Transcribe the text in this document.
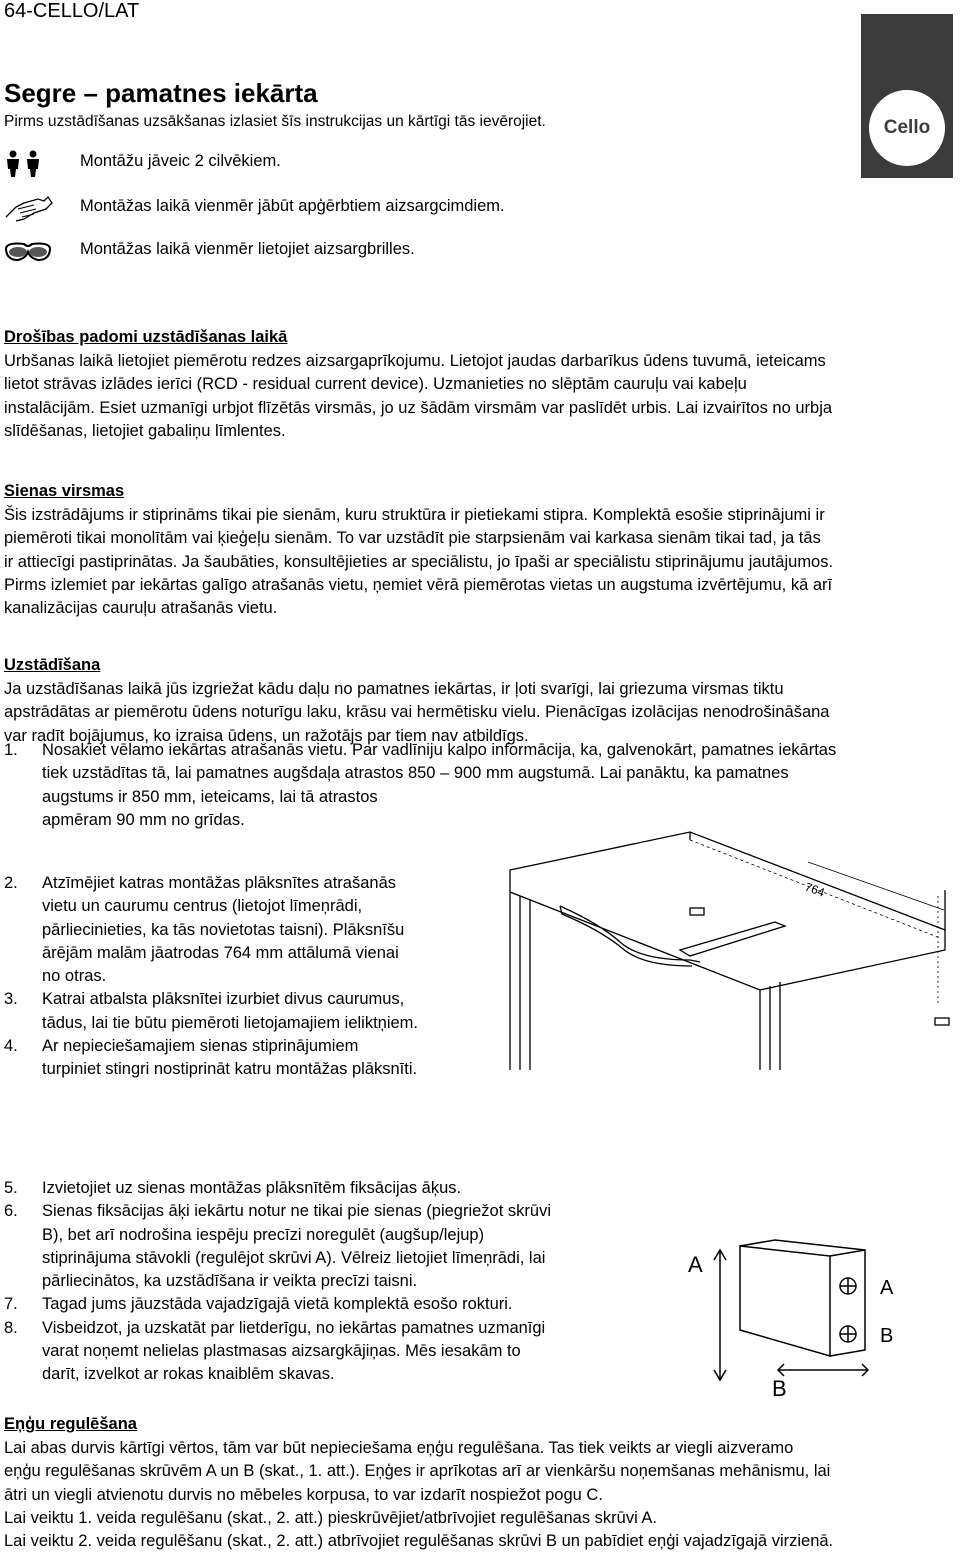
64-CELLO/LAT
Cello
Segre – pamatnes iekārta
Pirms uzstādīšanas uzsākšanas izlasiet šīs instrukcijas un kārtīgi tās ievērojiet.
Montāžu jāveic 2 cilvēkiem.
Montāžas laikā vienmēr jābūt apģērbtiem aizsargcimdiem.
Montāžas laikā vienmēr lietojiet aizsargbrilles.
Drošības padomi uzstādīšanas laikā
Urbšanas laikā lietojiet piemērotu redzes aizsargaprīkojumu. Lietojot jaudas darbarīkus ūdens tuvumā, ieteicams
lietot strāvas izlādes ierīci (RCD - residual current device). Uzmanieties no slēptām cauruļu vai kabeļu
instalācijām. Esiet uzmanīgi urbjot flīzētās virsmās, jo uz šādām virsmām var paslīdēt urbis. Lai izvairītos no urbja
slīdēšanas, lietojiet gabaliņu līmlentes.
Sienas virsmas
Šis izstrādājums ir stiprināms tikai pie sienām, kuru struktūra ir pietiekami stipra. Komplektā esošie stiprinājumi ir
piemēroti tikai monolītām vai ķieģeļu sienām. To var uzstādīt pie starpsienām vai karkasa sienām tikai tad, ja tās
ir attiecīgi pastiprinātas. Ja šaubāties, konsultējieties ar speciālistu, jo īpaši ar speciālistu stiprinājumu jautājumos.
Pirms izlemiet par iekārtas galīgo atrašanās vietu, ņemiet vērā piemērotas vietas un augstuma izvērtējumu, kā arī
kanalizācijas cauruļu atrašanās vietu.
Uzstādīšana
Ja uzstādīšanas laikā jūs izgriežat kādu daļu no pamatnes iekārtas, ir ļoti svarīgi, lai griezuma virsmas tiktu
apstrādātas ar piemērotu ūdens noturīgu laku, krāsu vai hermētisku vielu. Pienācīgas izolācijas nenodrošināšana
var radīt bojājumus, ko izraisa ūdens, un ražotājs par tiem nav atbildīgs.
1. Nosakiet vēlamo iekārtas atrašanās vietu. Par vadlīniju kalpo informācija, ka, galvenokārt, pamatnes iekārtas
tiek uzstādītas tā, lai pamatnes augšdaļa atrastos 850 – 900 mm augstumā. Lai panāktu, ka pamatnes
augstums ir 850 mm, ieteicams, lai tā atrastos
apmēram 90 mm no grīdas.
2. Atzīmējiet katras montāžas plāksnītes atrašanās
vietu un caurumu centrus (lietojot līmeņrādi,
pārliecinieties, ka tās novietotas taisni). Plāksnīšu
ārējām malām jāatrodas 764 mm attālumā vienai
no otras.
3. Katrai atbalsta plāksnītei izurbiet divus caurumus,
tādus, lai tie būtu piemēroti lietojamajiem ieliktņiem.
4. Ar nepieciešamajiem sienas stiprinājumiem
turpiniet stingri nostiprināt katru montāžas plāksnīti.
764
5. Izvietojiet uz sienas montāžas plāksnītēm fiksācijas āķus.
6. Sienas fiksācijas āķi iekārtu notur ne tikai pie sienas (piegriežot skrūvi
B), bet arī nodrošina iespēju precīzi noregulēt (augšup/lejup)
stiprinājuma stāvokli (regulējot skrūvi A). Vēlreiz lietojiet līmeņrādi, lai
pārliecinātos, ka uzstādīšana ir veikta precīzi taisni.
7. Tagad jums jāuzstāda vajadzīgajā vietā komplektā esošo rokturi.
8. Visbeidzot, ja uzskatāt par lietderīgu, no iekārtas pamatnes uzmanīgi
varat noņemt nelielas plastmasas aizsargkājiņas. Mēs iesakām to
darīt, izvelkot ar rokas knaiblēm skavas.
A
A
B
B
Eņģu regulēšana
Lai abas durvis kārtīgi vērtos, tām var būt nepieciešama eņģu regulēšana. Tas tiek veikts ar viegli aizveramo
eņģu regulēšanas skrūvēm A un B (skat., 1. att.). Eņģes ir aprīkotas arī ar vienkāršu noņemšanas mehānismu, lai
ātri un viegli atvienotu durvis no mēbeles korpusa, to var izdarīt nospiežot pogu C.
Lai veiktu 1. veida regulēšanu (skat., 2. att.) pieskrūvējiet/atbrīvojiet regulēšanas skrūvi A.
Lai veiktu 2. veida regulēšanu (skat., 2. att.) atbrīvojiet regulēšanas skrūvi B un pabīdiet eņģi vajadzīgajā virzienā.
